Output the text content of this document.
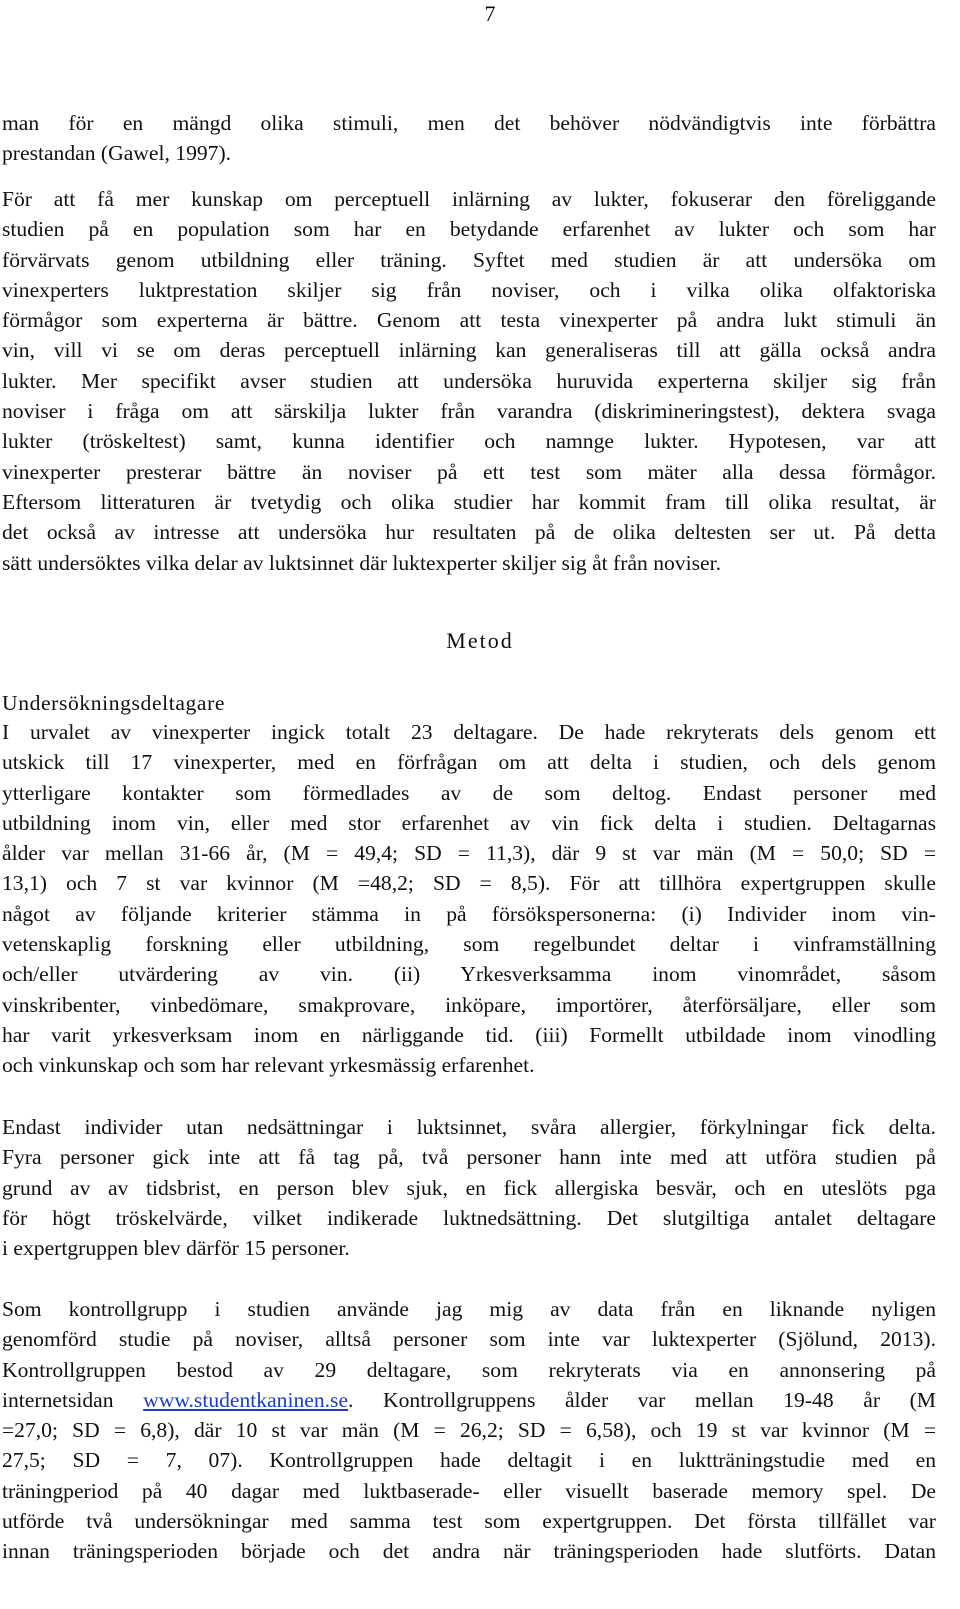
7
man för en mängd olika stimuli, men det behöver nödvändigtvis inte förbättra
prestandan (Gawel, 1997).
För att få mer kunskap om perceptuell inlärning av lukter, fokuserar den föreliggande
studien på en population som har en betydande erfarenhet av lukter och som har
förvärvats genom utbildning eller träning. Syftet med studien är att undersöka om
vinexperters luktprestation skiljer sig från noviser, och i vilka olika olfaktoriska
förmågor som experterna är bättre. Genom att testa vinexperter på andra lukt stimuli än
vin, vill vi se om deras perceptuell inlärning kan generaliseras till att gälla också andra
lukter. Mer specifikt avser studien att undersöka huruvida experterna skiljer sig från
noviser i fråga om att särskilja lukter från varandra (diskrimineringstest), dektera svaga
lukter (tröskeltest) samt, kunna identifier och namnge lukter. Hypotesen, var att
vinexperter presterar bättre än noviser på ett test som mäter alla dessa förmågor.
Eftersom litteraturen är tvetydig och olika studier har kommit fram till olika resultat, är
det också av intresse att undersöka hur resultaten på de olika deltesten ser ut. På detta
sätt undersöktes vilka delar av luktsinnet där luktexperter skiljer sig åt från noviser.
Metod
Undersökningsdeltagare
I urvalet av vinexperter ingick totalt 23 deltagare. De hade rekryterats dels genom ett
utskick till 17 vinexperter, med en förfrågan om att delta i studien, och dels genom
ytterligare kontakter som förmedlades av de som deltog. Endast personer med
utbildning inom vin, eller med stor erfarenhet av vin fick delta i studien. Deltagarnas
ålder var mellan 31-66 år, (M = 49,4; SD = 11,3), där 9 st var män (M = 50,0; SD =
13,1) och 7 st var kvinnor (M =48,2; SD = 8,5). För att tillhöra expertgruppen skulle
något av följande kriterier stämma in på försökspersonerna: (i) Individer inom vin-
vetenskaplig forskning eller utbildning, som regelbundet deltar i vinframställning
och/eller utvärdering av vin. (ii) Yrkesverksamma inom vinområdet, såsom
vinskribenter, vinbedömare, smakprovare, inköpare, importörer, återförsäljare, eller som
har varit yrkesverksam inom en närliggande tid. (iii) Formellt utbildade inom vinodling
och vinkunskap och som har relevant yrkesmässig erfarenhet.
Endast individer utan nedsättningar i luktsinnet, svåra allergier, förkylningar fick delta.
Fyra personer gick inte att få tag på, två personer hann inte med att utföra studien på
grund av av tidsbrist, en person blev sjuk, en fick allergiska besvär, och en uteslöts pga
för högt tröskelvärde, vilket indikerade luktnedsättning. Det slutgiltiga antalet deltagare
i expertgruppen blev därför 15 personer.
Som kontrollgrupp i studien använde jag mig av data från en liknande nyligen
genomförd studie på noviser, alltså personer som inte var luktexperter (Sjölund, 2013).
Kontrollgruppen bestod av 29 deltagare, som rekryterats via en annonsering på
internetsidan www.studentkaninen.se. Kontrollgruppens ålder var mellan 19-48 år (M
=27,0; SD = 6,8), där 10 st var män (M = 26,2; SD = 6,58), och 19 st var kvinnor (M =
27,5; SD = 7, 07). Kontrollgruppen hade deltagit i en luktträningstudie med en
träningperiod på 40 dagar med luktbaserade- eller visuellt baserade memory spel. De
utförde två undersökningar med samma test som expertgruppen. Det första tillfället var
innan träningsperioden började och det andra när träningsperioden hade slutförts. Datan
